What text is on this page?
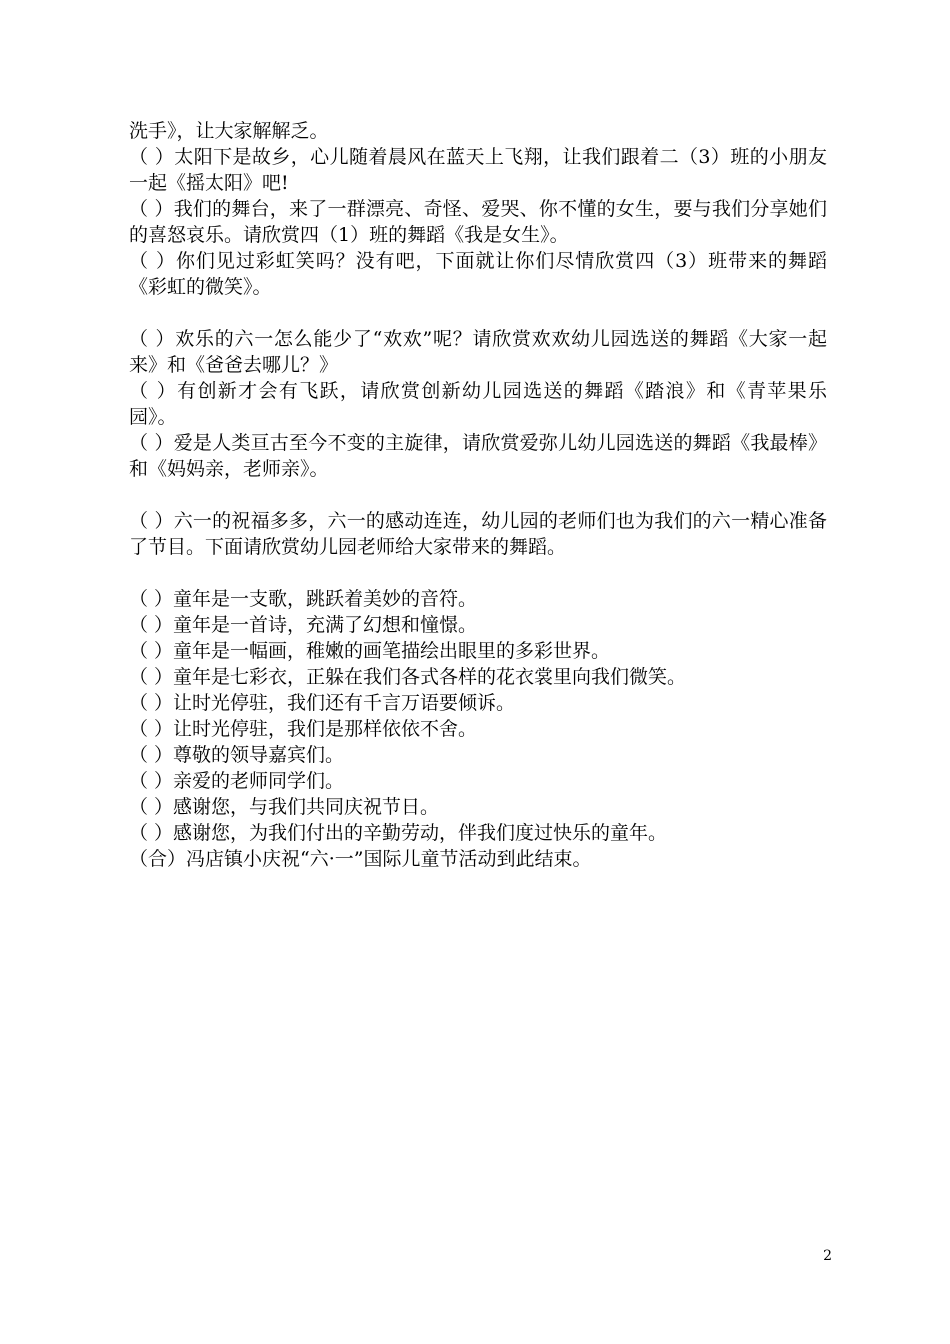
洗手》，让大家解解乏。

（ ）太阳下是故乡，心儿随着晨风在蓝天上飞翔，让我们跟着二（3）班的小朋友一起《摇太阳》吧!

（ ）我们的舞台，来了一群漂亮、奇怪、爱哭、你不懂的女生，要与我们分享她们的喜怒哀乐。请欣赏四（1）班的舞蹈《我是女生》。

（ ）你们见过彩虹笑吗？没有吧，下面就让你们尽情欣赏四（3）班带来的舞蹈《彩虹的微笑》。

（ ）欢乐的六一怎么能少了“欢欢”呢？请欣赏欢欢幼儿园选送的舞蹈《大家一起来》和《爸爸去哪儿？》

（ ）有创新才会有飞跃，请欣赏创新幼儿园选送的舞蹈《踏浪》和《青苹果乐园》。

（ ）爱是人类亘古至今不变的主旋律，请欣赏爱弥儿幼儿园选送的舞蹈《我最棒》和《妈妈亲，老师亲》。

（ ）六一的祝福多多，六一的感动连连，幼儿园的老师们也为我们的六一精心准备了节目。下面请欣赏幼儿园老师给大家带来的舞蹈。

（ ）童年是一支歌，跳跃着美妙的音符。

（ ）童年是一首诗，充满了幻想和憧憬。

（ ）童年是一幅画，稚嫩的画笔描绘出眼里的多彩世界。

（ ）童年是七彩衣，正躲在我们各式各样的花衣裳里向我们微笑。

（ ）让时光停驻，我们还有千言万语要倾诉。

（ ）让时光停驻，我们是那样依依不舍。

（ ）尊敬的领导嘉宾们。

（ ）亲爱的老师同学们。

（ ）感谢您，与我们共同庆祝节日。

（ ）感谢您，为我们付出的辛勤劳动，伴我们度过快乐的童年。

（合）冯店镇小庆祝“六·一”国际儿童节活动到此结束。

2
